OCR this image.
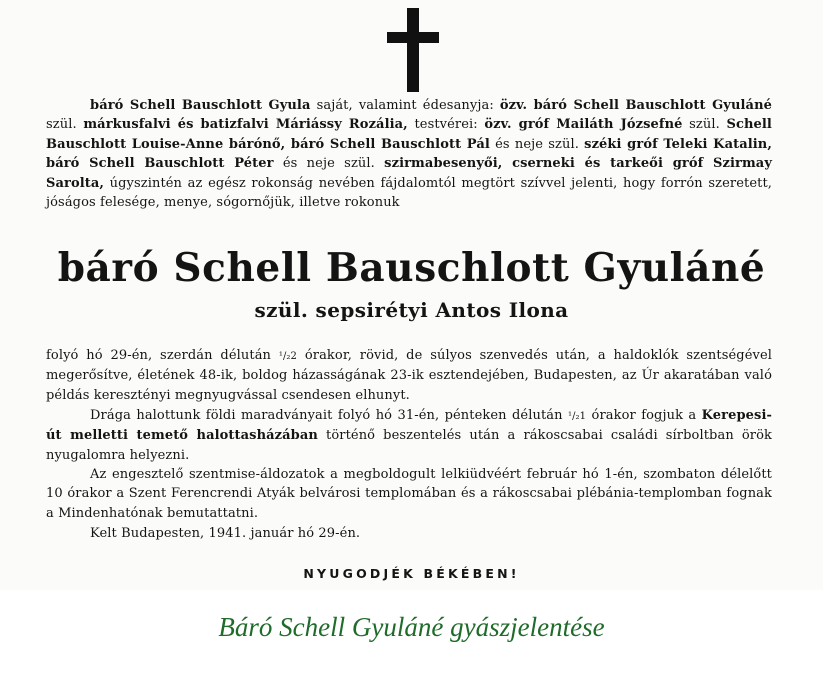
báró Schell Bauschlott Gyula saját, valamint édesanyja: özv. báró Schell Bauschlott Gyuláné szül. márkusfalvi és batizfalvi Máriássy Rozália, testvérei: özv. gróf Mailáth Józsefné szül. Schell Bauschlott Louise-Anne bárónő, báró Schell Bauschlott Pál és neje szül. széki gróf Teleki Katalin, báró Schell Bauschlott Péter és neje szül. szirmabesenyői, cserneki és tarkeői gróf Szirmay Sarolta, úgyszintén az egész rokonság nevében fájdalomtól megtört szívvel jelenti, hogy forrón szeretett, jóságos felesége, menye, sógornőjük, illetve rokonuk

báró Schell Bauschlott Gyuláné
szül. sepsirétyi Antos Ilona

folyó hó 29-én, szerdán délután ¹/₂2 órakor, rövid, de súlyos szenvedés után, a haldoklók szentségével megerősítve, életének 48-ik, boldog házasságának 23-ik esztendejében, Budapesten, az Úr akaratában való példás keresztényi megnyugvással csendesen elhunyt.

Drága halottunk földi maradványait folyó hó 31-én, pénteken délután ¹/₂1 órakor fogjuk a Kerepesi-út melletti temető halottasházában történő beszentelés után a rákoscsabai családi sírboltban örök nyugalomra helyezni.

Az engesztelő szentmise-áldozatok a megboldogult lelkiüdvéért február hó 1-én, szombaton délelőtt 10 órakor a Szent Ferencrendi Atyák belvárosi templomában és a rákoscsabai plébánia-templomban fognak a Mindenhatónak bemutattatni.

Kelt Budapesten, 1941. január hó 29-én.

NYUGODJÉK BÉKÉBEN!
Báró Schell Gyuláné gyászjelentése
